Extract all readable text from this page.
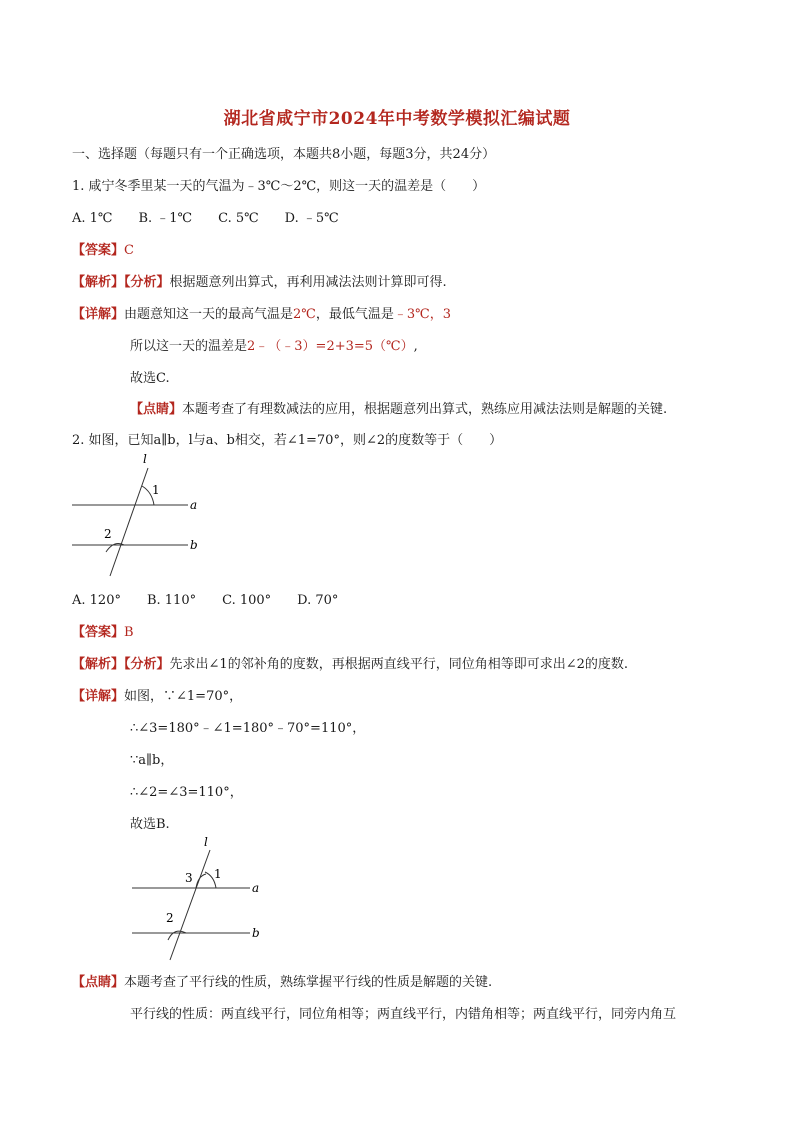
湖北省咸宁市2024年中考数学模拟汇编试题
一、选择题（每题只有一个正确选项，本题共8小题，每题3分，共24分）
1. 咸宁冬季里某一天的气温为﹣3℃～2℃，则这一天的温差是（　　）
A. 1℃　　B. ﹣1℃　　C. 5℃　　D. ﹣5℃
【答案】C
【解析】【分析】根据题意列出算式，再利用减法法则计算即可得.
【详解】由题意知这一天的最高气温是2℃，最低气温是﹣3℃，3
所以这一天的温差是2﹣（﹣3）=2+3=5（℃）,
故选C.
【点睛】本题考查了有理数减法的应用，根据题意列出算式，熟练应用减法法则是解题的关键.
2. 如图，已知a∥b，l与a、b相交，若∠1=70°，则∠2的度数等于（　　）
l
1
2
a
b
A. 120°　　B. 110°　　C. 100°　　D. 70°
【答案】B
【解析】【分析】先求出∠1的邻补角的度数，再根据两直线平行，同位角相等即可求出∠2的度数.
【详解】如图，∵∠1=70°，
∴∠3=180°﹣∠1=180°﹣70°=110°，
∵a∥b，
∴∠2=∠3=110°，
故选B.
l
3 1
2
a
b
【点睛】本题考查了平行线的性质，熟练掌握平行线的性质是解题的关键.
平行线的性质：两直线平行，同位角相等；两直线平行，内错角相等；两直线平行，同旁内角互
